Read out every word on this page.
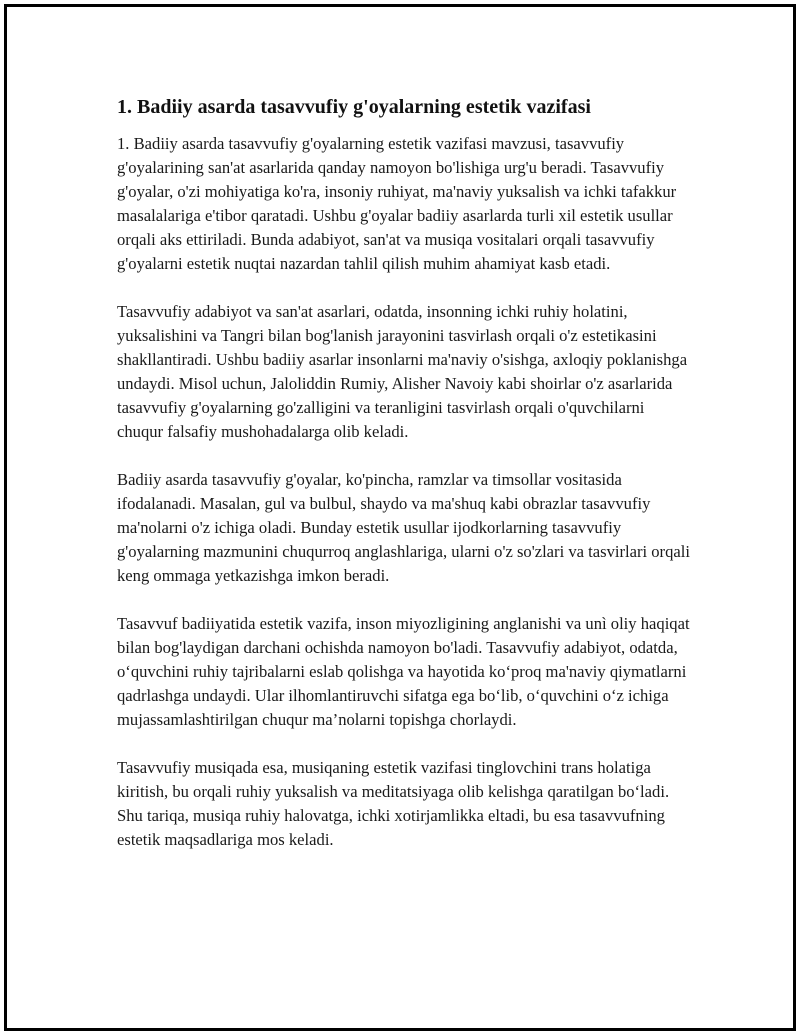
1. Badiiy asarda tasavvufiy g'oyalarning estetik vazifasi

1. Badiiy asarda tasavvufiy g'oyalarning estetik vazifasi mavzusi, tasavvufiy g'oyalarining san'at asarlarida qanday namoyon bo'lishiga urg'u beradi. Tasavvufiy g'oyalar, o'zi mohiyatiga ko'ra, insoniy ruhiyat, ma'naviy yuksalish va ichki tafakkur masalalariga e'tibor qaratadi. Ushbu g'oyalar badiiy asarlarda turli xil estetik usullar orqali aks ettiriladi. Bunda adabiyot, san'at va musiqa vositalari orqali tasavvufiy g'oyalarni estetik nuqtai nazardan tahlil qilish muhim ahamiyat kasb etadi.

Tasavvufiy adabiyot va san'at asarlari, odatda, insonning ichki ruhiy holatini, yuksalishini va Tangri bilan bog'lanish jarayonini tasvirlash orqali o'z estetikasini shakllantiradi. Ushbu badiiy asarlar insonlarni ma'naviy o'sishga, axloqiy poklanishga undaydi. Misol uchun, Jaloliddin Rumiy, Alisher Navoiy kabi shoirlar o'z asarlarida tasavvufiy g'oyalarning go'zalligini va teranligini tasvirlash orqali o'quvchilarni chuqur falsafiy mushohadalarga olib keladi.

Badiiy asarda tasavvufiy g'oyalar, ko'pincha, ramzlar va timsollar vositasida ifodalanadi. Masalan, gul va bulbul, shaydo va ma'shuq kabi obrazlar tasavvufiy ma'nolarni o'z ichiga oladi. Bunday estetik usullar ijodkorlarning tasavvufiy g'oyalarning mazmunini chuqurroq anglashlariga, ularni o'z so'zlari va tasvirlari orqali keng ommaga yetkazishga imkon beradi.

Tasavvuf badiiyatida estetik vazifa, inson miyozligining anglanishi va unì oliy haqiqat bilan bog'laydigan darchani ochishda namoyon bo'ladi. Tasavvufiy adabiyot, odatda, o‘quvchini ruhiy tajribalarni eslab qolishga va hayotida ko‘proq ma'naviy qiymatlarni qadrlashga undaydi. Ular ilhomlantiruvchi sifatga ega bo‘lib, o‘quvchini o‘z ichiga mujassamlashtirilgan chuqur ma’nolarni topishga chorlaydi.

Tasavvufiy musiqada esa, musiqaning estetik vazifasi tinglovchini trans holatiga kiritish, bu orqali ruhiy yuksalish va meditatsiyaga olib kelishga qaratilgan bo‘ladi. Shu tariqa, musiqa ruhiy halovatga, ichki xotirjamlikka eltadi, bu esa tasavvufning estetik maqsadlariga mos keladi.
